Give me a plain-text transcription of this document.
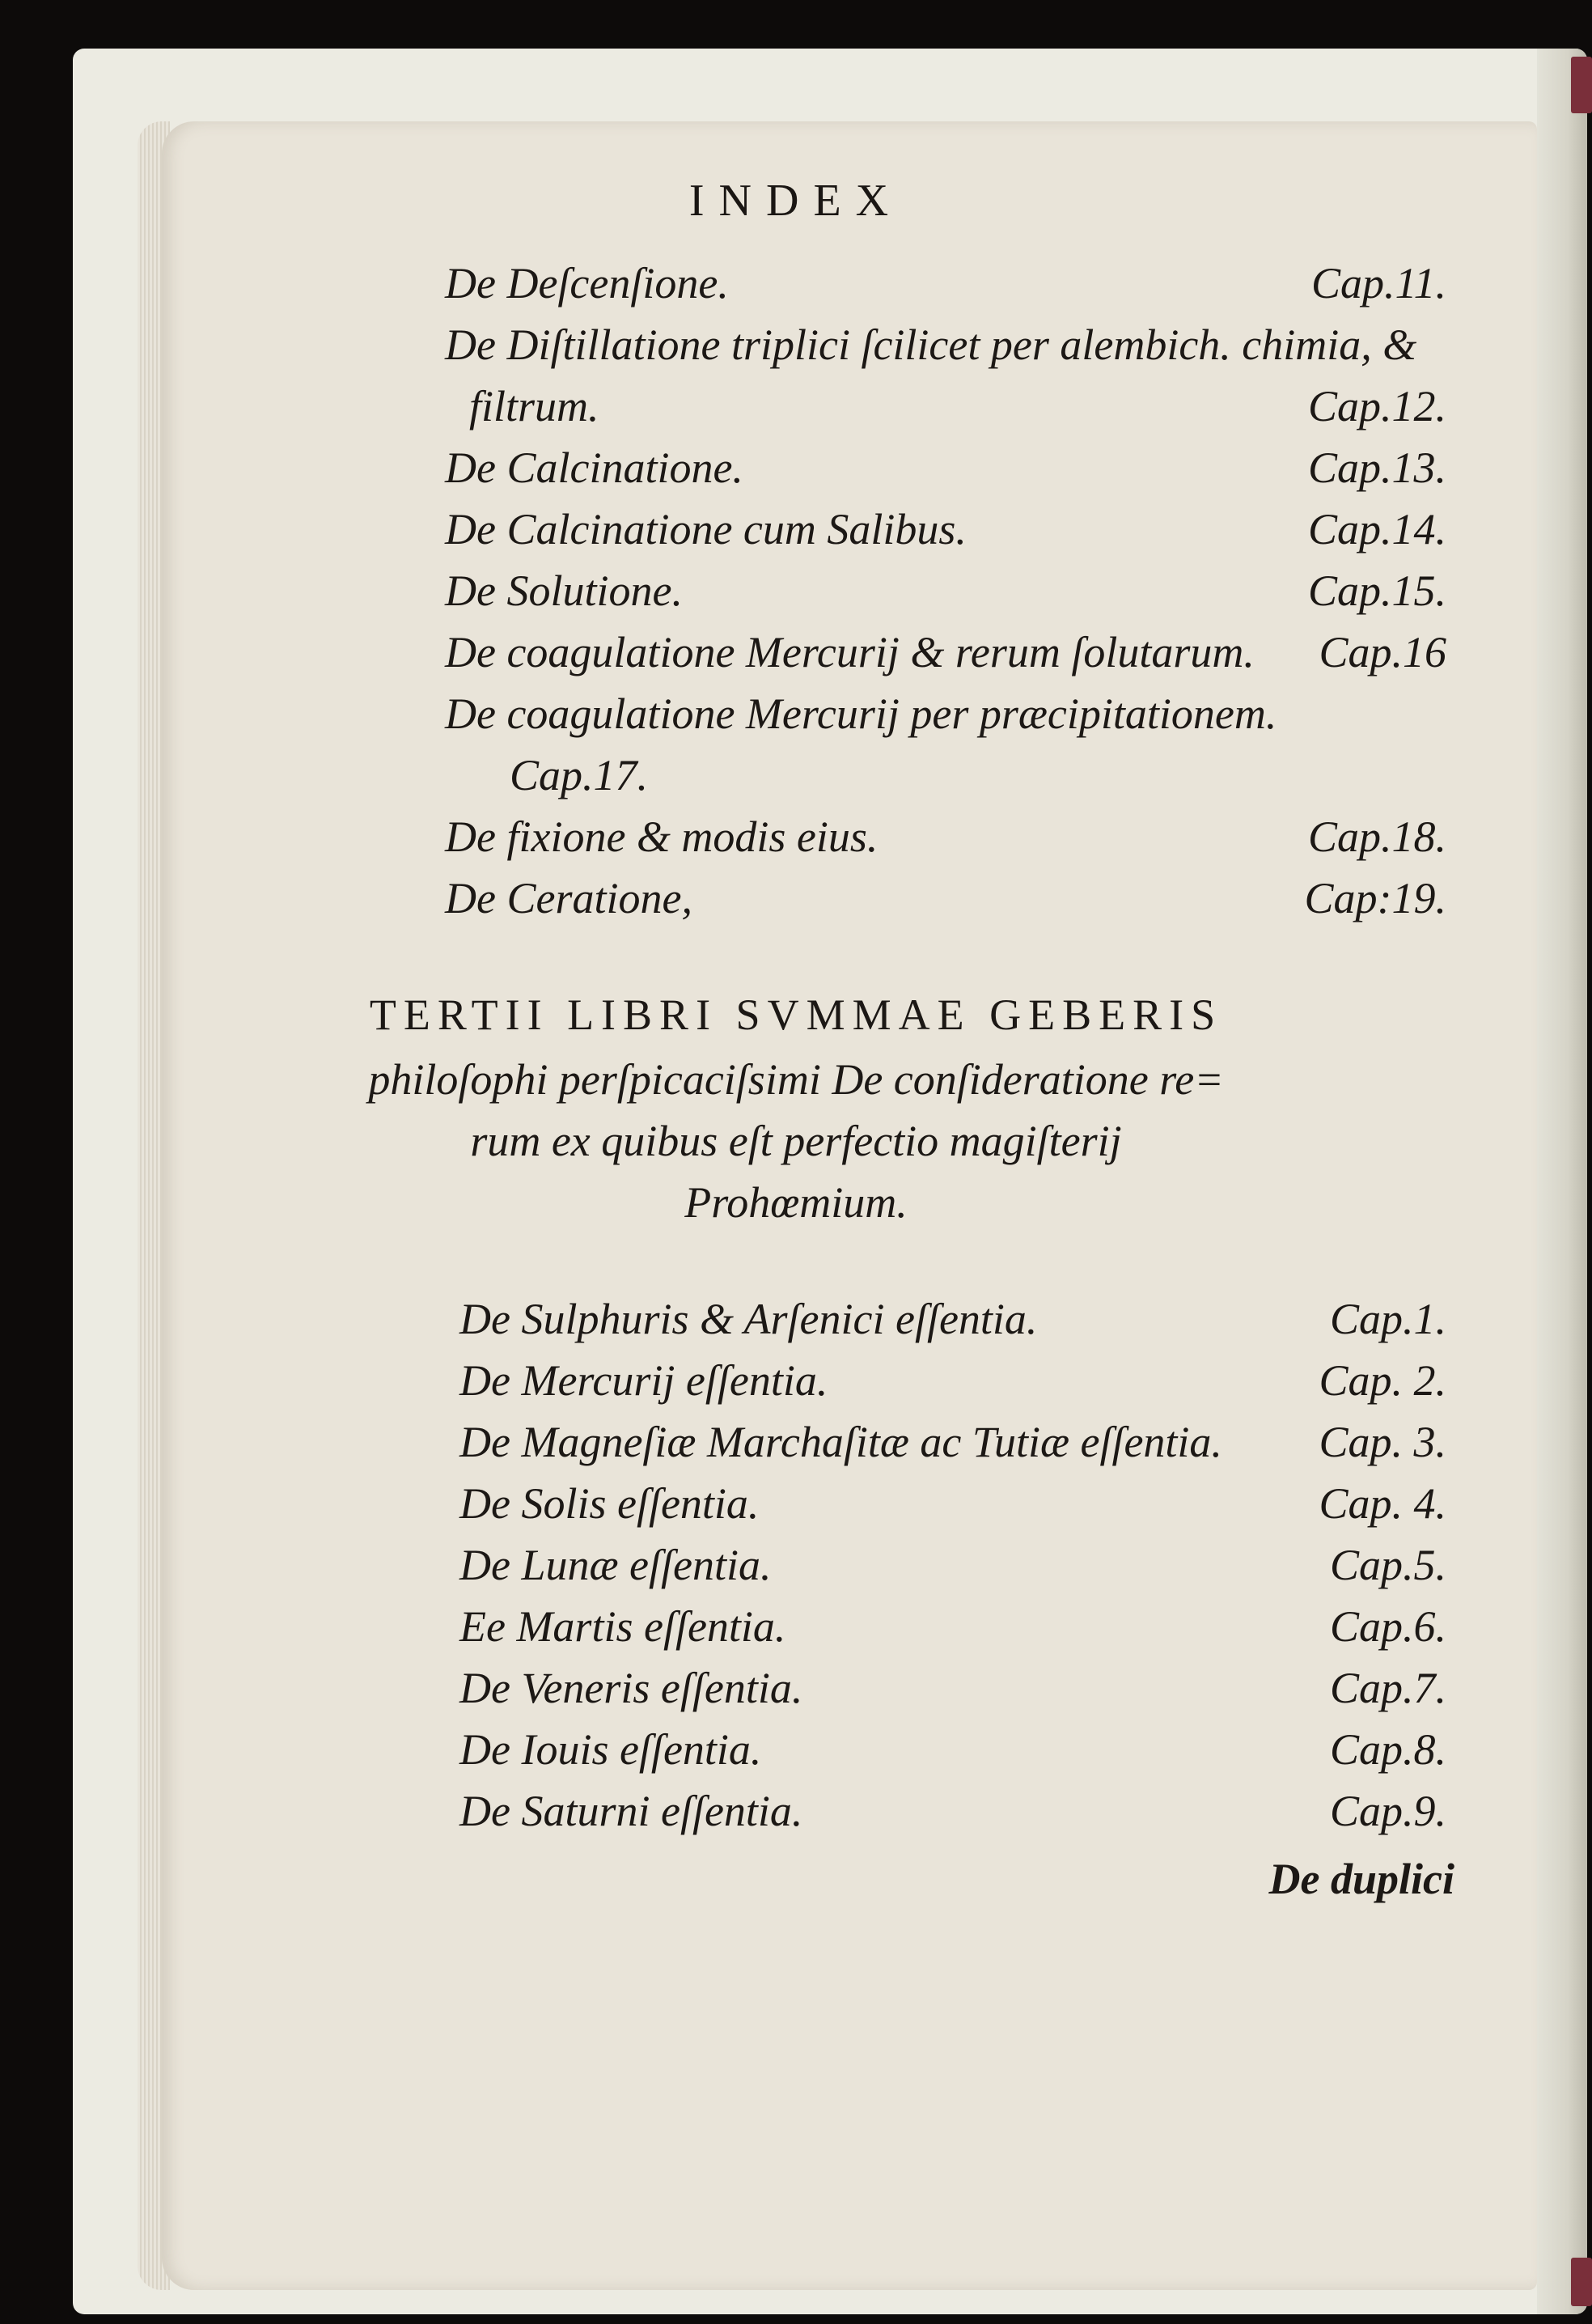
INDEX
De Deſcenſione.	Cap.11.
De Diſtillatione triplici ſcilicet per alembich. chimia, &
filtrum.	Cap.12.
De Calcinatione.	Cap.13.
De Calcinatione cum Salibus.	Cap.14.
De Solutione.	Cap.15.
De coagulatione Mercurij & rerum ſolutarum. Cap.16
De coagulatione Mercurij per præcipitationem.
Cap.17.
De fixione & modis eius.	Cap.18.
De Ceratione,	Cap:19.
TERTII LIBRI SVMMAE GEBERIS
philoſophi perſpicaciſsimi De conſideratione re=
rum ex quibus eſt perfectio magiſterij
Prohœmium.
De Sulphuris & Arſenici eſſentia.	Cap.1.
De Mercurij eſſentia.	Cap. 2.
De Magneſiæ Marchaſitæ ac Tutiæ eſſentia. Cap. 3.
De Solis eſſentia.	Cap. 4.
De Lunæ eſſentia.	Cap.5.
Ee Martis eſſentia.	Cap.6.
De Veneris eſſentia.	Cap.7.
De Iouis eſſentia.	Cap.8.
De Saturni eſſentia.	Cap.9.
De duplici
